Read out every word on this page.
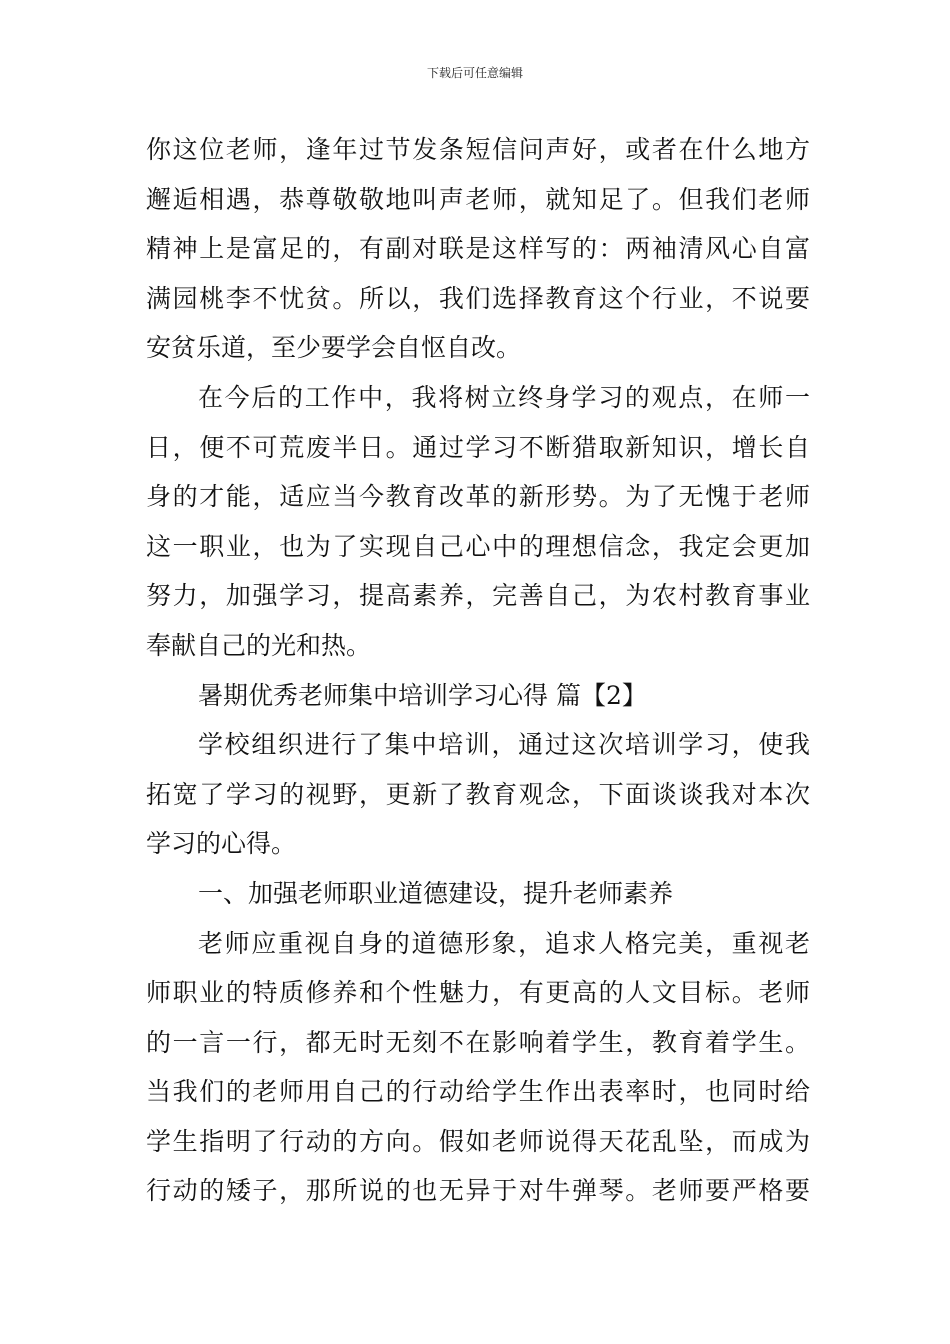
下载后可任意编辑
你这位老师，逢年过节发条短信问声好，或者在什么地方
邂逅相遇，恭尊敬敬地叫声老师，就知足了。但我们老师
精神上是富足的，有副对联是这样写的：两袖清风心自富
满园桃李不忧贫。所以，我们选择教育这个行业，不说要
安贫乐道，至少要学会自怄自改。
在今后的工作中，我将树立终身学习的观点，在师一
日，便不可荒废半日。通过学习不断猎取新知识，增长自
身的才能，适应当今教育改革的新形势。为了无愧于老师
这一职业，也为了实现自己心中的理想信念，我定会更加
努力，加强学习，提高素养，完善自己，为农村教育事业
奉献自己的光和热。
暑期优秀老师集中培训学习心得 篇【2】
学校组织进行了集中培训，通过这次培训学习，使我
拓宽了学习的视野，更新了教育观念，下面谈谈我对本次
学习的心得。
一、加强老师职业道德建设，提升老师素养
老师应重视自身的道德形象，追求人格完美，重视老
师职业的特质修养和个性魅力，有更高的人文目标。老师
的一言一行，都无时无刻不在影响着学生，教育着学生。
当我们的老师用自己的行动给学生作出表率时，也同时给
学生指明了行动的方向。假如老师说得天花乱坠，而成为
行动的矮子，那所说的也无异于对牛弹琴。老师要严格要
